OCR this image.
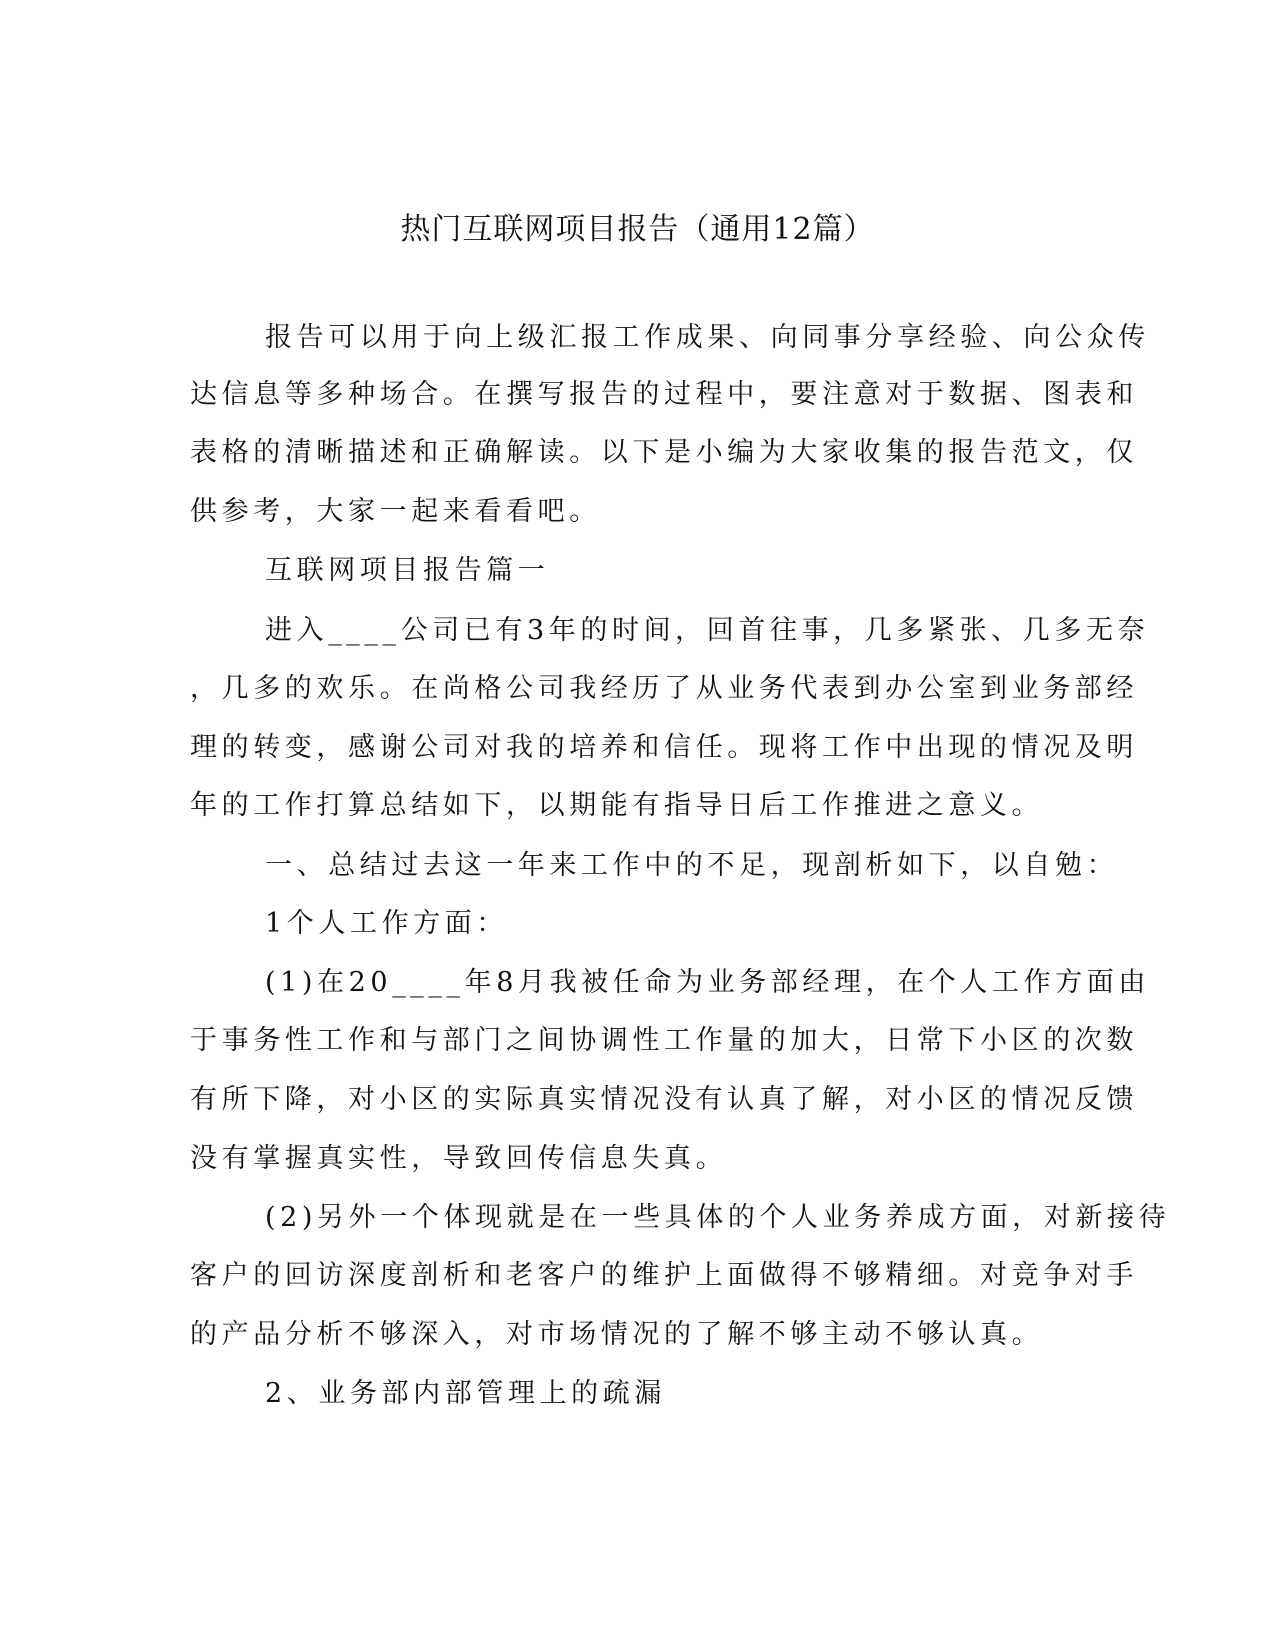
热门互联网项目报告（通用12篇）

报告可以用于向上级汇报工作成果、向同事分享经验、向公众传

达信息等多种场合。在撰写报告的过程中，要注意对于数据、图表和

表格的清晰描述和正确解读。以下是小编为大家收集的报告范文，仅

供参考，大家一起来看看吧。

互联网项目报告篇一

进入____公司已有3年的时间，回首往事，几多紧张、几多无奈

，几多的欢乐。在尚格公司我经历了从业务代表到办公室到业务部经

理的转变，感谢公司对我的培养和信任。现将工作中出现的情况及明

年的工作打算总结如下，以期能有指导日后工作推进之意义。

一、总结过去这一年来工作中的不足，现剖析如下，以自勉：

1个人工作方面：

(1)在20____年8月我被任命为业务部经理，在个人工作方面由

于事务性工作和与部门之间协调性工作量的加大，日常下小区的次数

有所下降，对小区的实际真实情况没有认真了解，对小区的情况反馈

没有掌握真实性，导致回传信息失真。

(2)另外一个体现就是在一些具体的个人业务养成方面，对新接待

客户的回访深度剖析和老客户的维护上面做得不够精细。对竞争对手

的产品分析不够深入，对市场情况的了解不够主动不够认真。

2、业务部内部管理上的疏漏
